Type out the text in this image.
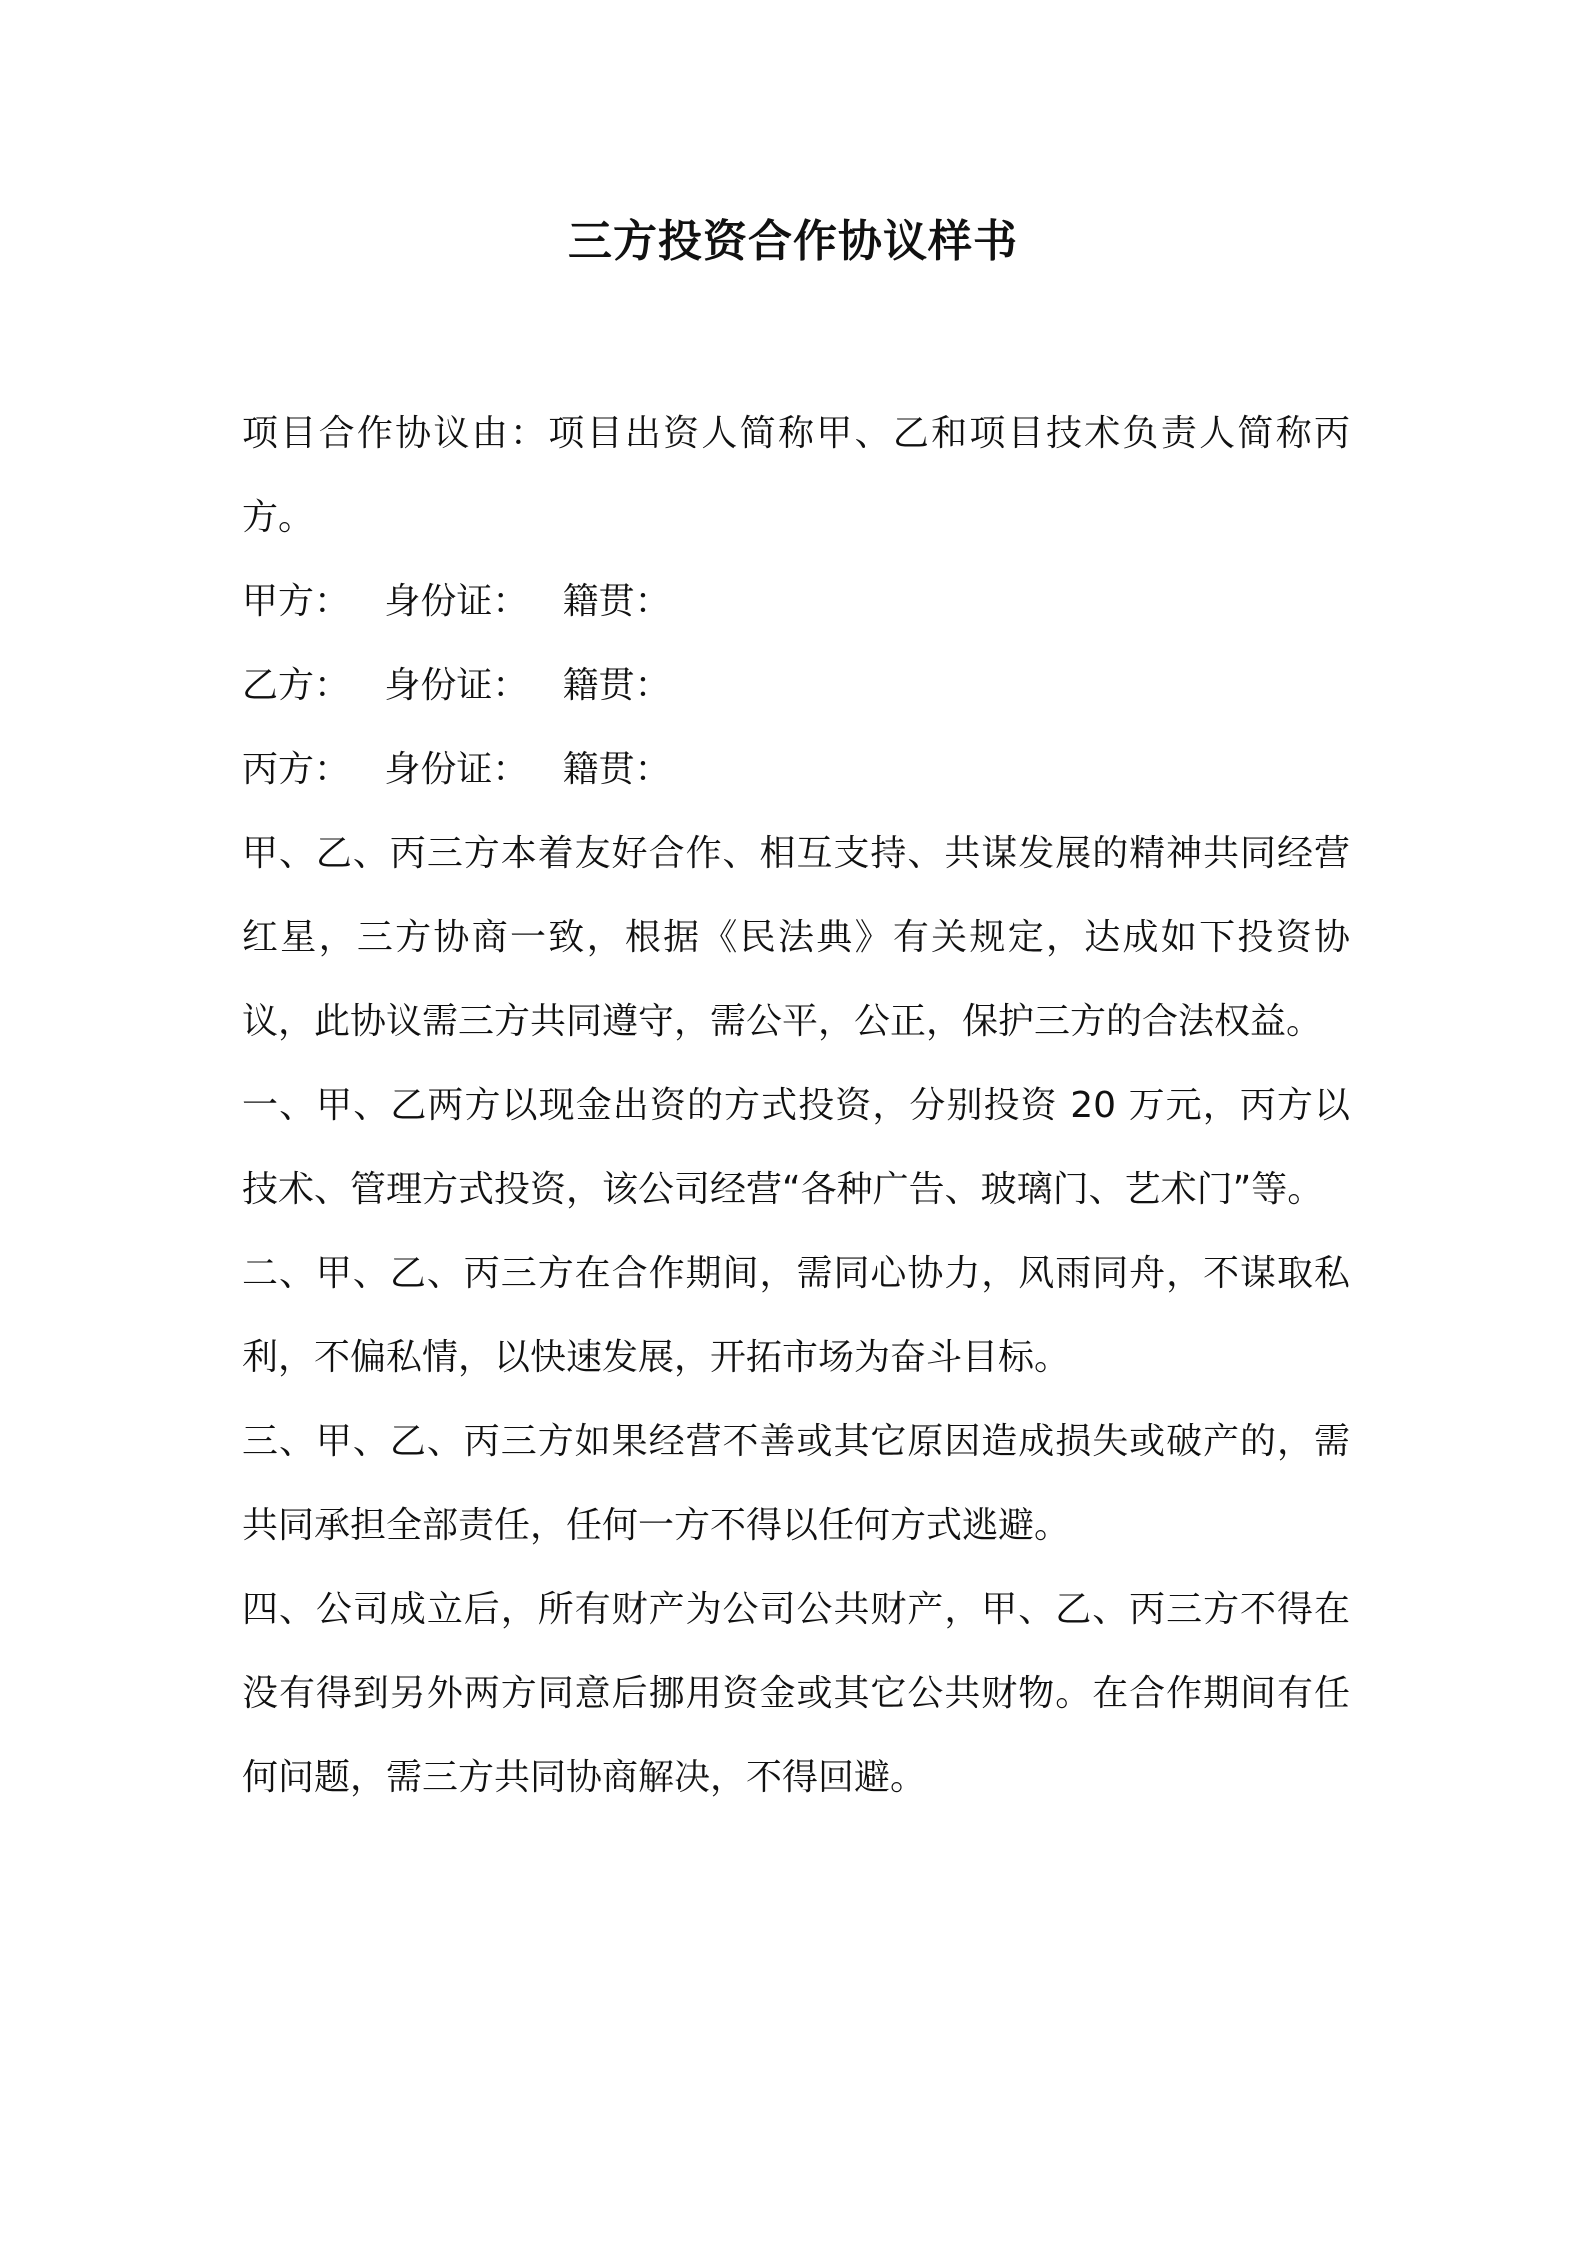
三方投资合作协议样书

项目合作协议由：项目出资人简称甲、乙和项目技术负责人简称丙方。

甲方：   身份证：   籍贯：

乙方：   身份证：   籍贯：

丙方：   身份证：   籍贯：

甲、乙、丙三方本着友好合作、相互支持、共谋发展的精神共同经营红星，三方协商一致，根据《民法典》有关规定，达成如下投资协议，此协议需三方共同遵守，需公平，公正，保护三方的合法权益。

一、甲、乙两方以现金出资的方式投资，分别投资 20 万元，丙方以技术、管理方式投资，该公司经营“各种广告、玻璃门、艺术门”等。

二、甲、乙、丙三方在合作期间，需同心协力，风雨同舟，不谋取私利，不偏私情，以快速发展，开拓市场为奋斗目标。

三、甲、乙、丙三方如果经营不善或其它原因造成损失或破产的，需共同承担全部责任，任何一方不得以任何方式逃避。

四、公司成立后，所有财产为公司公共财产，甲、乙、丙三方不得在没有得到另外两方同意后挪用资金或其它公共财物。在合作期间有任何问题，需三方共同协商解决，不得回避。
